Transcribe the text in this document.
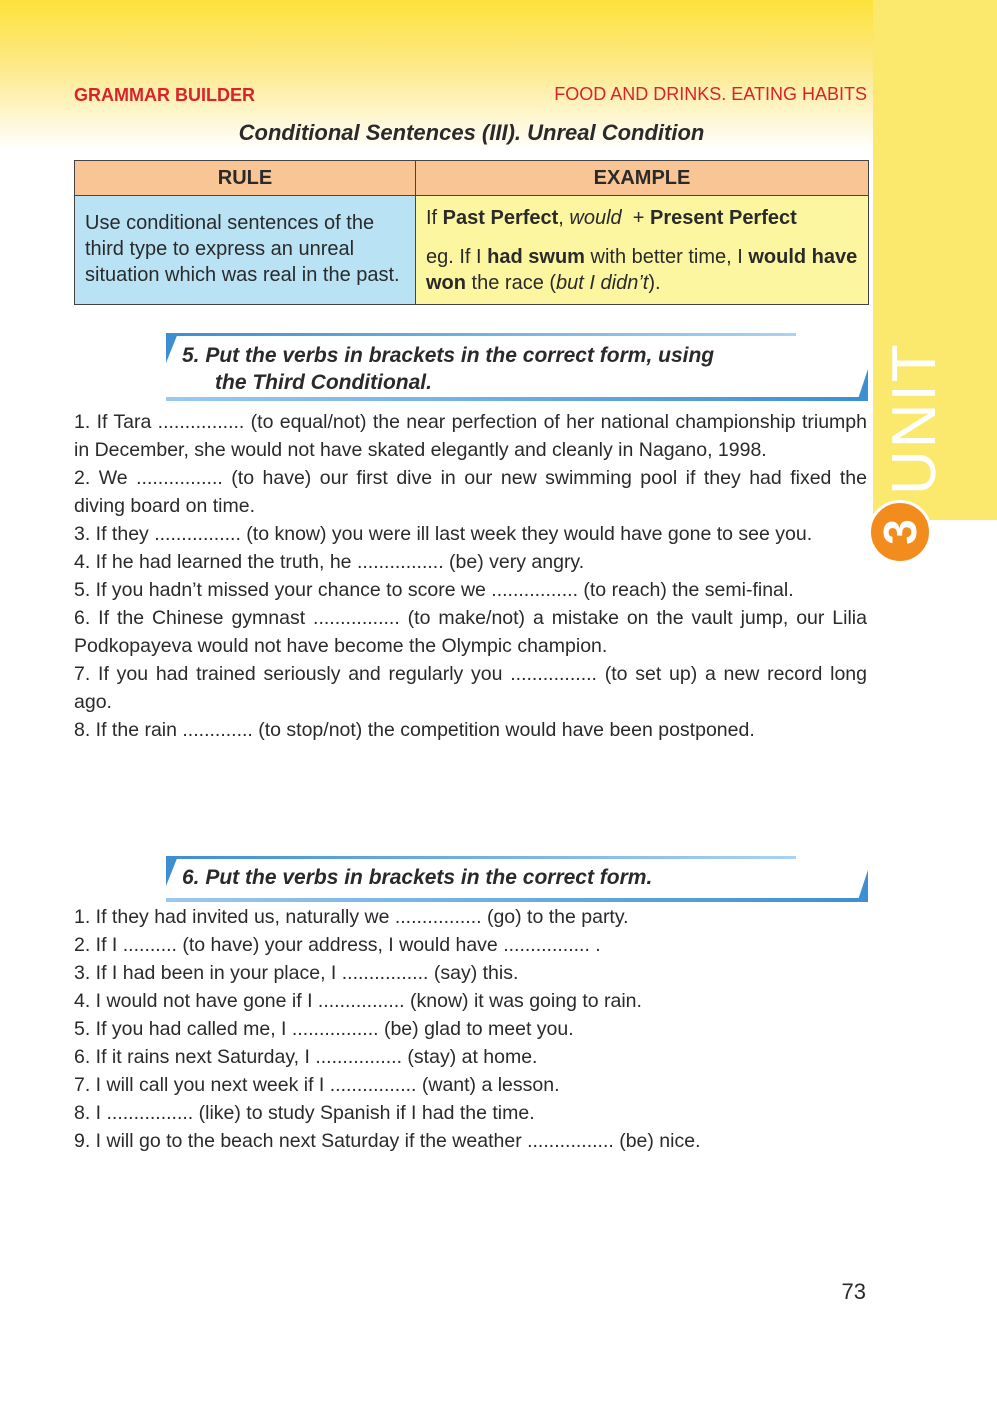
UNIT
3
GRAMMAR BUILDER	FOOD AND DRINKS. EATING HABITS
Conditional Sentences (III). Unreal Condition
RULE	EXAMPLE
Use conditional sentences of the third type to express an unreal situation which was real in the past.	If Past Perfect, would  + Present Perfect
eg. If I had swum with better time, I would have won the race (but I didn’t).
5. Put the verbs in brackets in the correct form, using
the Third Conditional.
1. If Tara ................ (to equal/not) the near perfection of her national championship triumph in December, she would not have skated elegantly and cleanly in Nagano, 1998.
2. We ................ (to have) our first dive in our new swimming pool if they had fixed the diving board on time.
3. If they ................ (to know) you were ill last week they would have gone to see you.
4. If he had learned the truth, he ................ (be) very angry.
5. If you hadn’t missed your chance to score we ................ (to reach) the semi-final.
6. If the Chinese gymnast ................ (to make/not) a mistake on the vault jump, our Lilia Podkopayeva would not have become the Olympic champion.
7. If you had trained seriously and regularly you ................ (to set up) a new record long ago.
8. If the rain ............. (to stop/not) the competition would have been postponed.
6. Put the verbs in brackets in the correct form.
1. If they had invited us, naturally we ................ (go) to the party.
2. If I .......... (to have) your address, I would have ................ .
3. If I had been in your place, I ................ (say) this.
4. I would not have gone if I ................ (know) it was going to rain.
5. If you had called me, I ................ (be) glad to meet you.
6. If it rains next Saturday, I ................ (stay) at home.
7. I will call you next week if I ................ (want) a lesson.
8. I ................ (like) to study Spanish if I had the time.
9. I will go to the beach next Saturday if the weather ................ (be) nice.
73
